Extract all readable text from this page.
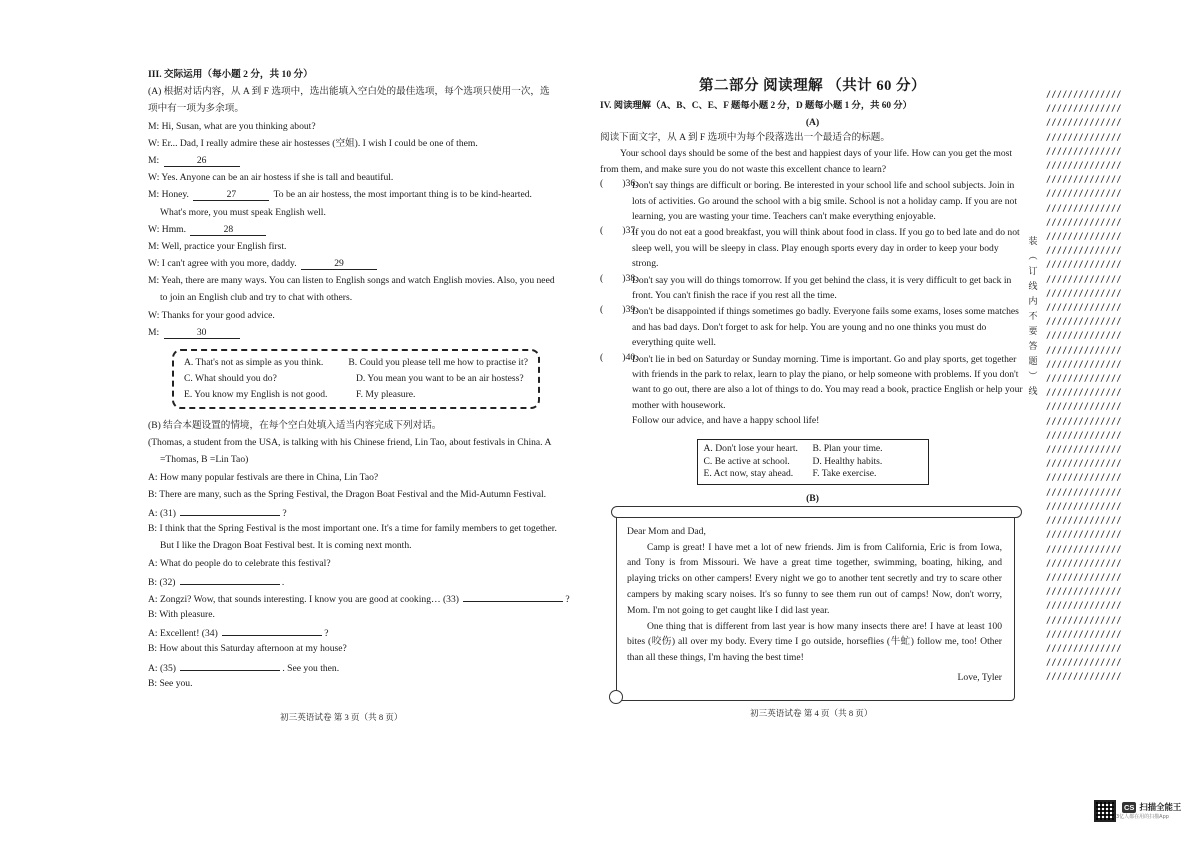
III. 交际运用（每小题 2 分，共 10 分）
(A) 根据对话内容，从 A 到 F 选项中，选出能填入空白处的最佳选项，每个选项只使用一次，选
项中有一项为多余项。
M: Hi, Susan, what are you thinking about?
W: Er... Dad, I really admire these air hostesses (空姐). I wish I could be one of them.
M:	26
W: Yes. Anyone can be an air hostess if she is tall and beautiful.
M: Honey.	27	To be an air hostess, the most important thing is to be kind-hearted.
What's more, you must speak English well.
W: Hmm.	28
M: Well, practice your English first.
W: I can't agree with you more, daddy.	29
M: Yeah, there are many ways. You can listen to English songs and watch English movies. Also, you need
to join an English club and try to chat with others.
W: Thanks for your good advice.
M:	30
A. That's not as simple as you think.	B. Could you please tell me how to practise it?
C. What should you do?	D. You mean you want to be an air hostess?
E. You know my English is not good.	F. My pleasure.
(B) 结合本题设置的情境，在每个空白处填入适当内容完成下列对话。
(Thomas, a student from the USA, is talking with his Chinese friend, Lin Tao, about festivals in China. A
=Thomas, B =Lin Tao)
A: How many popular festivals are there in China, Lin Tao?
B: There are many, such as the Spring Festival, the Dragon Boat Festival and the Mid-Autumn Festival.
A: (31)	?
B: I think that the Spring Festival is the most important one. It's a time for family members to get together.
But I like the Dragon Boat Festival best. It is coming next month.
A: What do people do to celebrate this festival?
B: (32)	.
A: Zongzi? Wow, that sounds interesting. I know you are good at cooking… (33)	?
B: With pleasure.
A: Excellent! (34)	?
B: How about this Saturday afternoon at my house?
A: (35)	. See you then.
B: See you.
初三英语试卷 第 3 页（共 8 页）
第二部分 阅读理解 （共计 60 分）
IV. 阅读理解（A、B、C、E、F 题每小题 2 分，D 题每小题 1 分，共 60 分）
(A)
阅读下面文字，从 A 到 F 选项中为每个段落选出一个最适合的标题。
Your school days should be some of the best and happiest days of your life. How can you get the most from them, and make sure you do not waste this excellent chance to learn?
(　　)36.
Don't say things are difficult or boring. Be interested in your school life and school subjects. Join in lots of activities. Go around the school with a big smile. School is not a holiday camp. If you are not learning, you are wasting your time. Teachers can't make everything enjoyable.
(　　)37.
If you do not eat a good breakfast, you will think about food in class. If you go to bed late and do not sleep well, you will be sleepy in class. Play enough sports every day in order to keep your body strong.
(　　)38.
Don't say you will do things tomorrow. If you get behind the class, it is very difficult to get back in front. You can't finish the race if you rest all the time.
(　　)39.
Don't be disappointed if things sometimes go badly. Everyone fails some exams, loses some matches and has bad days. Don't forget to ask for help. You are young and no one thinks you must do everything quite well.
(　　)40.
Don't lie in bed on Saturday or Sunday morning. Time is important. Go and play sports, get together with friends in the park to relax, learn to play the piano, or help someone with problems. If you don't want to go out, there are also a lot of things to do. You may read a book, practice English or help your mother with housework.
Follow our advice, and have a happy school life!
A. Don't lose your heart.	B. Plan your time.
C. Be active at school.	D. Healthy habits.
E. Act now, stay ahead.	F. Take exercise.
(B)

Dear Mom and Dad,

Camp is great! I have met a lot of new friends. Jim is from California, Eric is from Iowa, and Tony is from Missouri. We have a great time together, swimming, boating, hiking, and playing tricks on other campers! Every night we go to another tent secretly and try to scare other campers by making scary noises. It's so funny to see them run out of camps! Now, don't worry, Mom. I'm not going to get caught like I did last year.

One thing that is different from last year is how many insects there are! I have at least 100 bites (咬伤) all over my body. Every time I go outside, horseflies (牛虻) follow me, too! Other than all these things, I'm having the best time!

Love, Tyler

初三英语试卷 第 4 页（共 8 页）
装
︵
订
线
内
不
要
答
题
︶
线
//////////////
//////////////
//////////////
//////////////
//////////////
//////////////
//////////////
//////////////
//////////////
//////////////
//////////////
//////////////
//////////////
//////////////
//////////////
//////////////
//////////////
//////////////
//////////////
//////////////
//////////////
//////////////
//////////////
//////////////
//////////////
//////////////
//////////////
//////////////
//////////////
//////////////
//////////////
//////////////
//////////////
//////////////
//////////////
//////////////
//////////////
//////////////
//////////////
//////////////
//////////////
//////////////
CS 扫描全能王
3亿人都在用的扫描App
